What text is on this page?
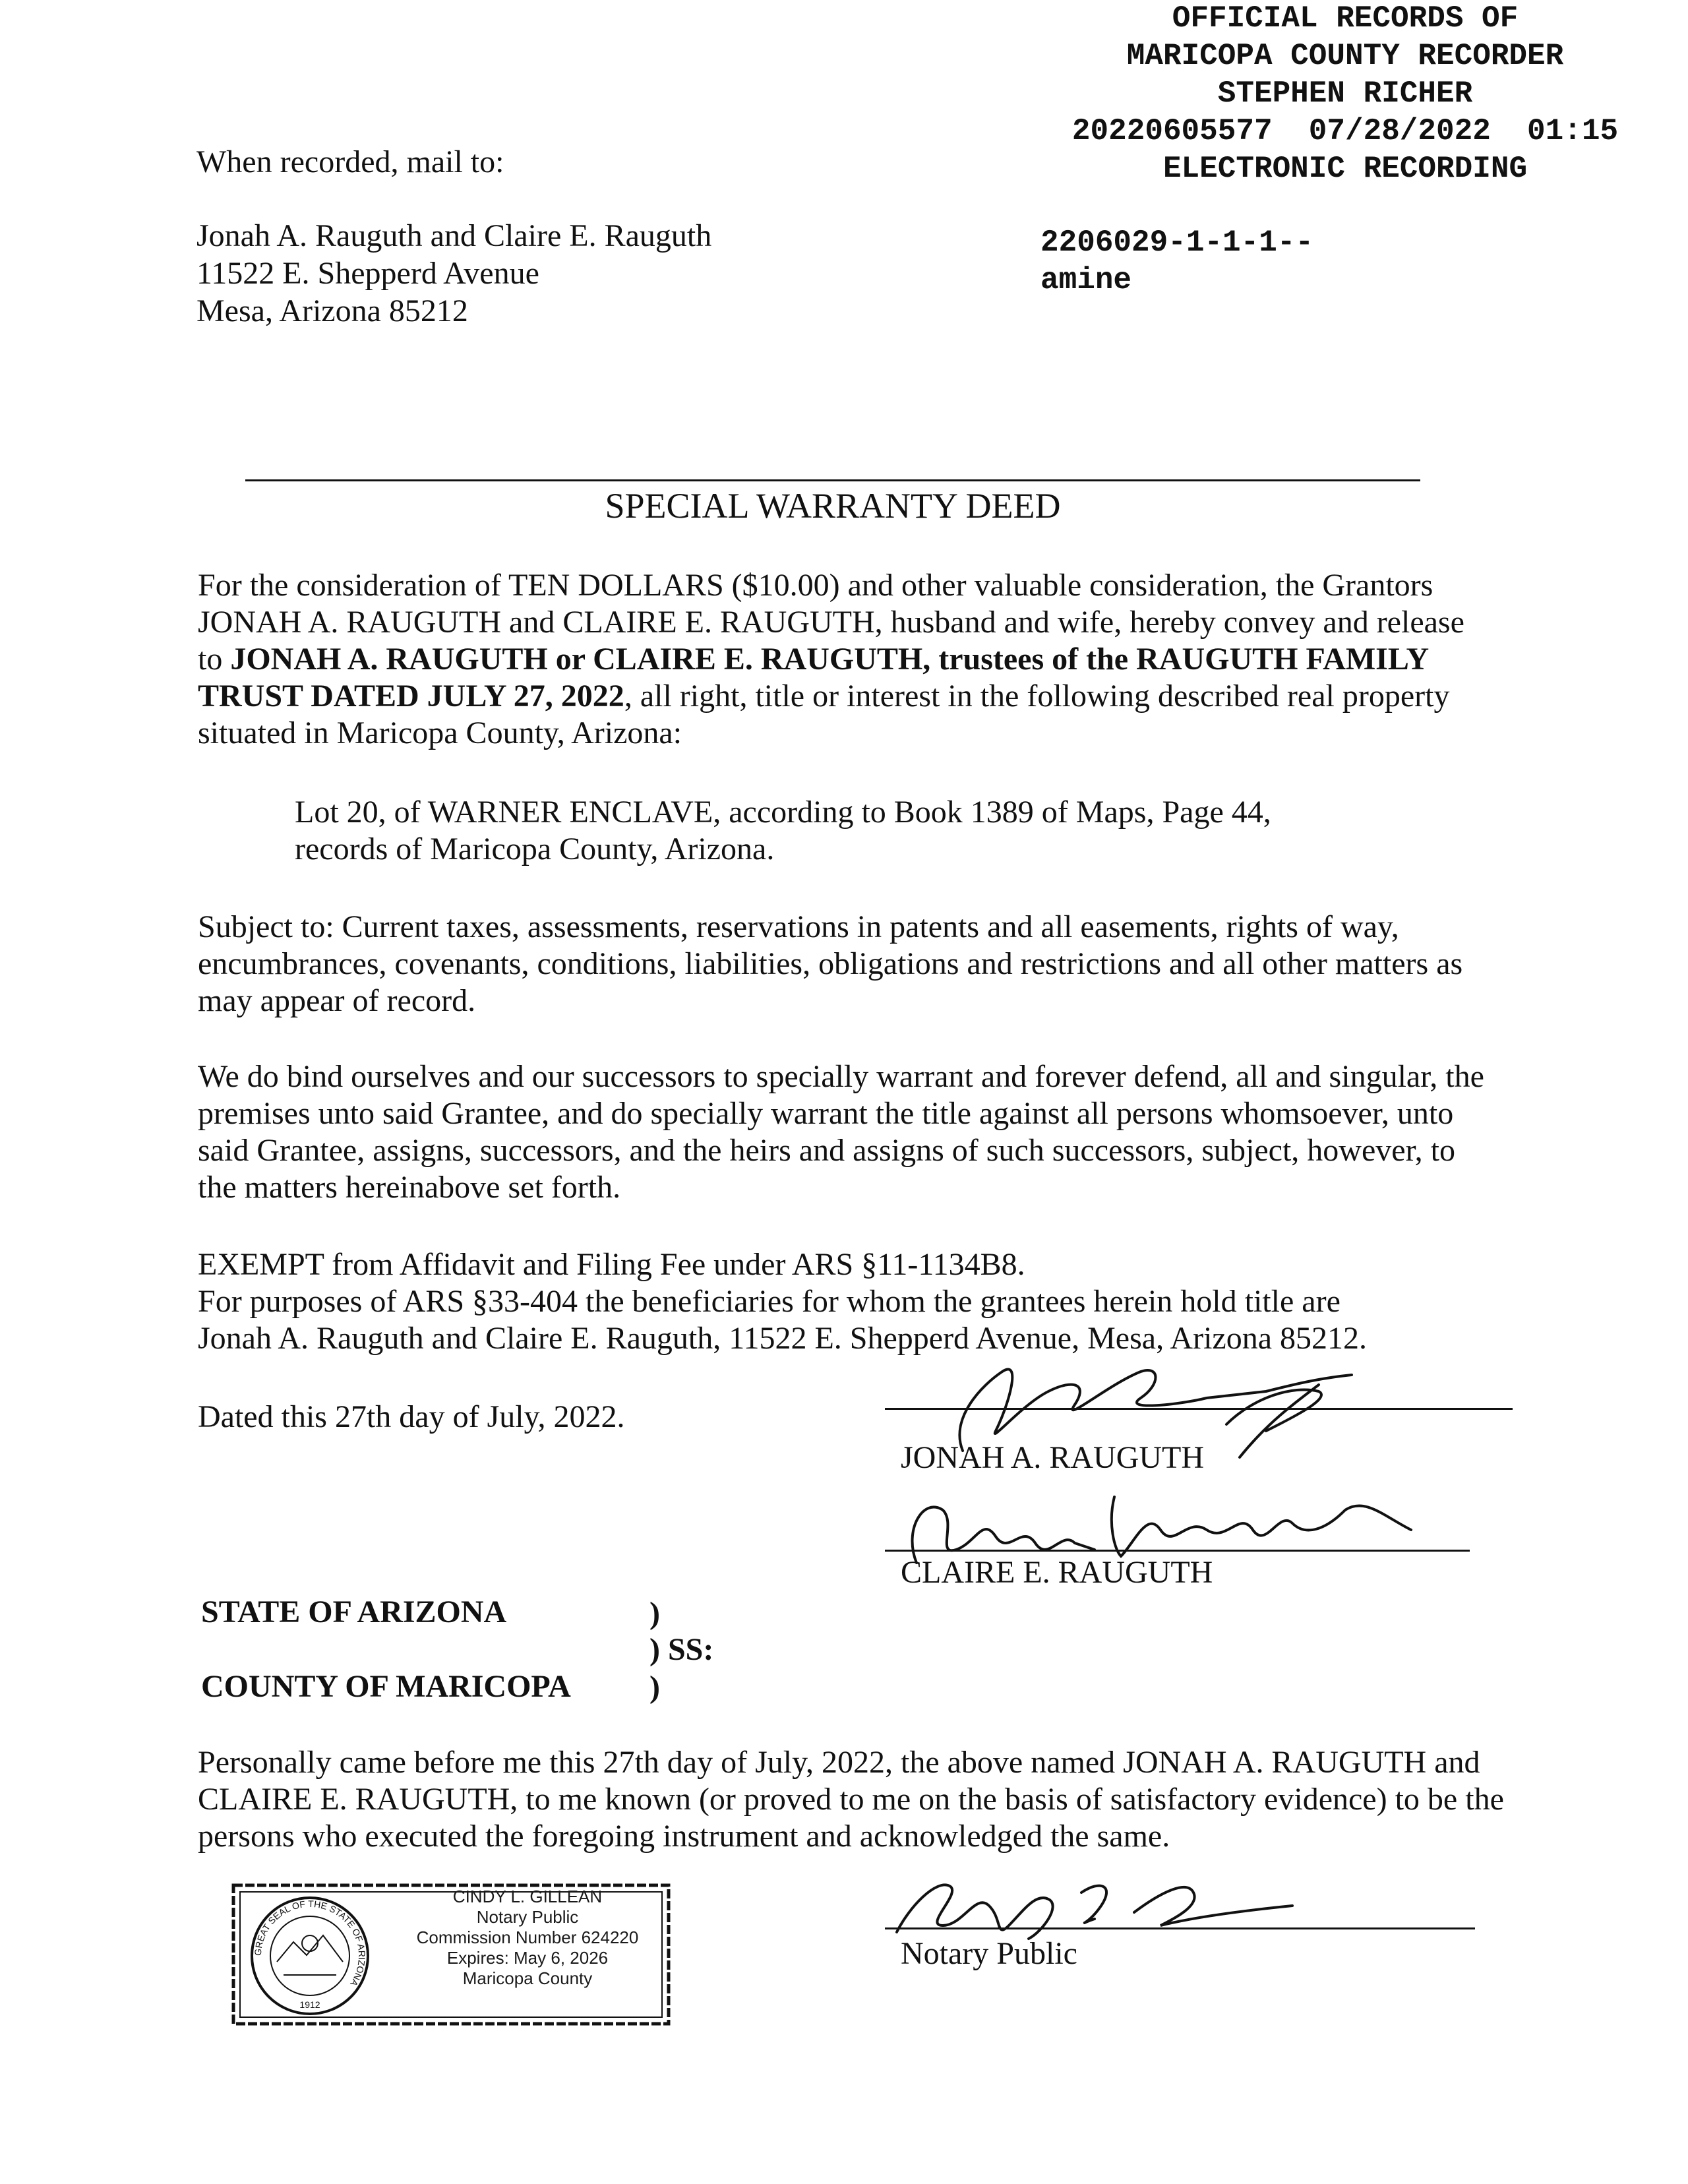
OFFICIAL RECORDS OF
MARICOPA COUNTY RECORDER
STEPHEN RICHER
20220605577  07/28/2022  01:15
ELECTRONIC RECORDING
When recorded, mail to:
Jonah A. Rauguth and Claire E. Rauguth
11522 E. Shepperd Avenue
Mesa, Arizona 85212
2206029-1-1-1--
amine
SPECIAL WARRANTY DEED

For the consideration of TEN DOLLARS ($10.00) and other valuable consideration, the Grantors JONAH A. RAUGUTH and CLAIRE E. RAUGUTH, husband and wife, hereby convey and release to JONAH A. RAUGUTH or CLAIRE E. RAUGUTH, trustees of the RAUGUTH FAMILY TRUST DATED JULY 27, 2022, all right, title or interest in the following described real property situated in Maricopa County, Arizona:

Lot 20, of WARNER ENCLAVE, according to Book 1389 of Maps, Page 44,
records of Maricopa County, Arizona.

Subject to: Current taxes, assessments, reservations in patents and all easements, rights of way, encumbrances, covenants, conditions, liabilities, obligations and restrictions and all other matters as may appear of record.

We do bind ourselves and our successors to specially warrant and forever defend, all and singular, the premises unto said Grantee, and do specially warrant the title against all persons whomsoever, unto said Grantee, assigns, successors, and the heirs and assigns of such successors, subject, however, to the matters hereinabove set forth.

EXEMPT from Affidavit and Filing Fee under ARS §11-1134B8.
For purposes of ARS §33-404 the beneficiaries for whom the grantees herein hold title are
Jonah A. Rauguth and Claire E. Rauguth, 11522 E. Shepperd Avenue, Mesa, Arizona 85212.
Dated this 27th day of July, 2022.
JONAH A. RAUGUTH
CLAIRE E. RAUGUTH
STATE OF ARIZONA
COUNTY OF MARICOPA
)
) SS:
)
Personally came before me this 27th day of July, 2022, the above named JONAH A. RAUGUTH and CLAIRE E. RAUGUTH, to me known (or proved to me on the basis of satisfactory evidence) to be the persons who executed the foregoing instrument and acknowledged the same.
GREAT SEAL OF THE STATE OF ARIZONA
1912
CINDY L. GILLEAN
Notary Public
Commission Number 624220
Expires: May 6, 2026
Maricopa County
Notary Public
